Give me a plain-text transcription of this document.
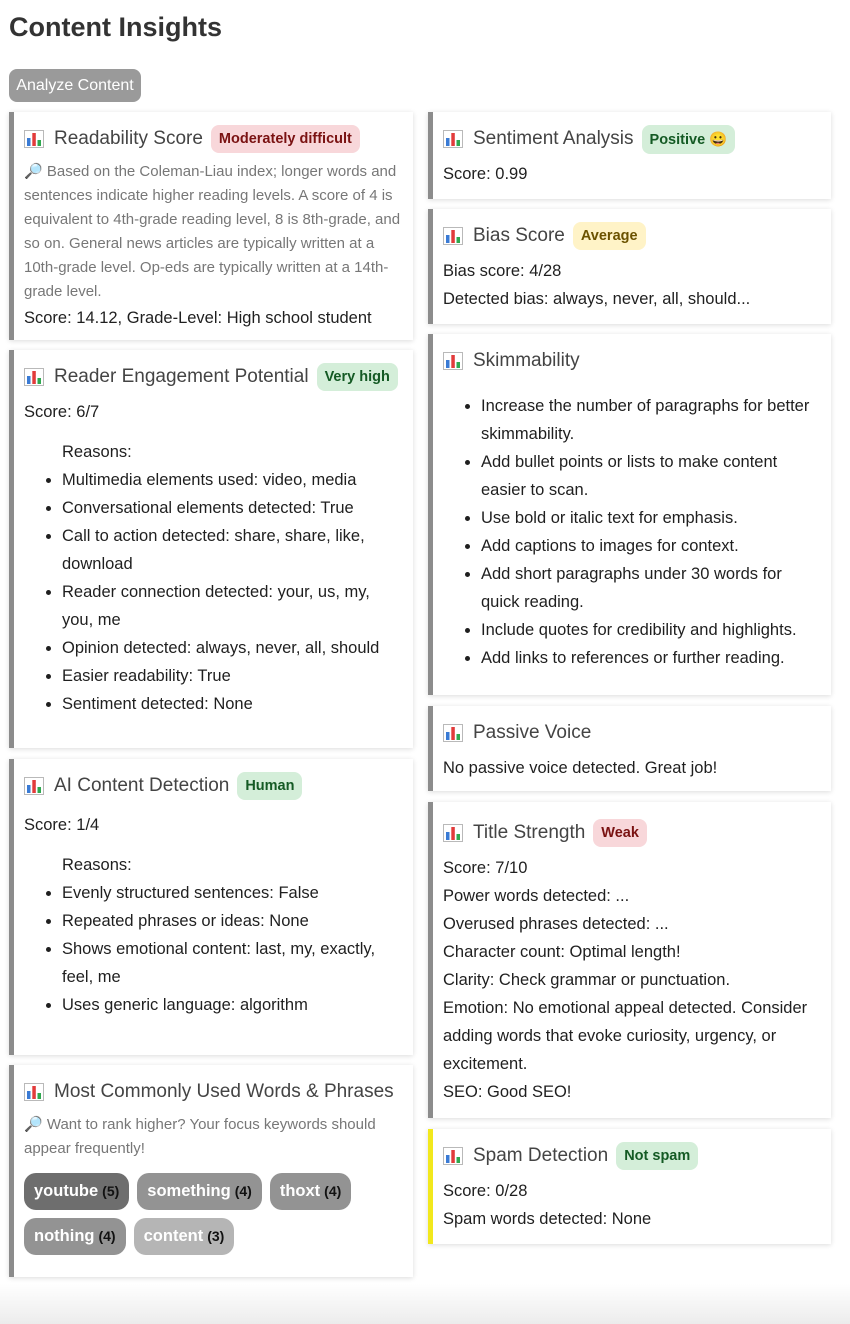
Content Insights
Analyze Content
Readability Score	Moderately difficult

🔎 Based on the Coleman-Liau index; longer words and sentences indicate higher reading levels. A score of 4 is equivalent to 4th-grade reading level, 8 is 8th-grade, and so on. General news articles are typically written at a 10th-grade level. Op-eds are typically written at a 14th-grade level.

Score: 14.12, Grade-Level: High school student

Reader Engagement Potential	Very high

Score: 6/7

Reasons:

• Multimedia elements used: video, media
• Conversational elements detected: True
• Call to action detected: share, share, like, download
• Reader connection detected: your, us, my, you, me
• Opinion detected: always, never, all, should
• Easier readability: True
• Sentiment detected: None
AI Content Detection	Human

Score: 1/4

Reasons:

• Evenly structured sentences: False
• Repeated phrases or ideas: None
• Shows emotional content: last, my, exactly, feel, me
• Uses generic language: algorithm
Most Commonly Used Words & Phrases

🔎 Want to rank higher? Your focus keywords should appear frequently!

youtube (5)	something (4)	thoxt (4)
nothing (4)	content (3)
Sentiment Analysis	Positive 😀

Score: 0.99

Bias Score	Average

Bias score: 4/28

Detected bias: always, never, all, should...

Skimmability
• Increase the number of paragraphs for better skimmability.
• Add bullet points or lists to make content easier to scan.
• Use bold or italic text for emphasis.
• Add captions to images for context.
• Add short paragraphs under 30 words for quick reading.
• Include quotes for credibility and highlights.
• Add links to references or further reading.
Passive Voice

No passive voice detected. Great job!

Title Strength	Weak

Score: 7/10

Power words detected: ...

Overused phrases detected: ...

Character count: Optimal length!

Clarity: Check grammar or punctuation.

Emotion: No emotional appeal detected. Consider adding words that evoke curiosity, urgency, or excitement.

SEO: Good SEO!

Spam Detection	Not spam

Score: 0/28

Spam words detected: None
